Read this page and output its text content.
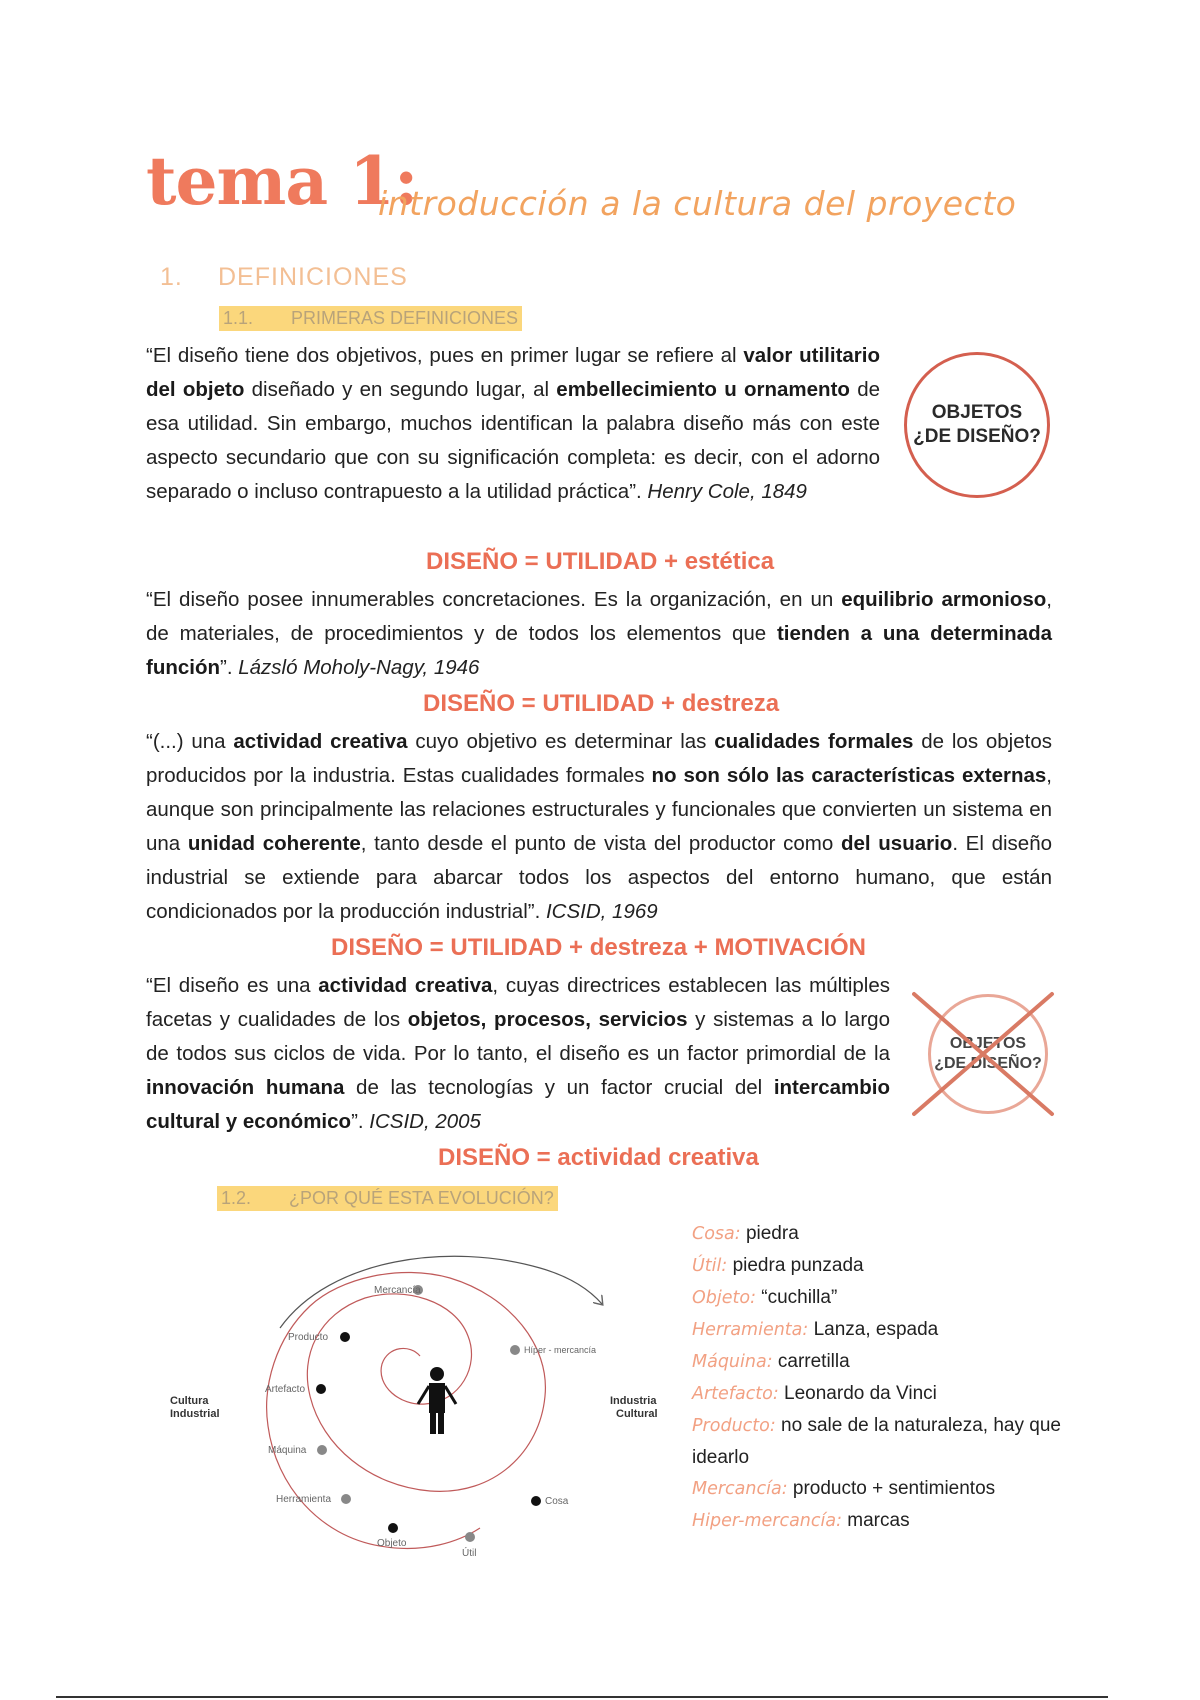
tema 1:
introducción a la cultura del proyecto
1. DEFINICIONES
1.1. PRIMERAS DEFINICIONES
“El diseño tiene dos objetivos, pues en primer lugar se refiere al valor utilitario del objeto diseñado y en segundo lugar, al embellecimiento u ornamento de esa utilidad. Sin embargo, muchos identifican la palabra diseño más con este aspecto secundario que con su significación completa: es decir, con el adorno separado o incluso contrapuesto a la utilidad práctica”. Henry Cole, 1849
OBJETOS
¿DE DISEÑO?
DISEÑO = UTILIDAD + estética
“El diseño posee innumerables concretaciones. Es la organización, en un equilibrio armonioso, de materiales, de procedimientos y de todos los elementos que tienden a una determinada función”. Lázsló Moholy-Nagy, 1946
DISEÑO = UTILIDAD + destreza
“(...) una actividad creativa cuyo objetivo es determinar las cualidades formales de los objetos producidos por la industria. Estas cualidades formales no son sólo las características externas, aunque son principalmente las relaciones estructurales y funcionales que convierten un sistema en una unidad coherente, tanto desde el punto de vista del productor como del usuario. El diseño industrial se extiende para abarcar todos los aspectos del entorno humano, que están condicionados por la producción industrial”. ICSID, 1969
DISEÑO = UTILIDAD + destreza + MOTIVACIÓN
“El diseño es una actividad creativa, cuyas directrices establecen las múltiples facetas y cualidades de los objetos, procesos, servicios y sistemas a lo largo de todos sus ciclos de vida. Por lo tanto, el diseño es un factor primordial de la innovación humana de las tecnologías y un factor crucial del intercambio cultural y económico”. ICSID, 2005
OBJETOS
¿DE DISEÑO?
DISEÑO = actividad creativa
1.2. ¿POR QUÉ ESTA EVOLUCIÓN?
Mercancía
Producto
Artefacto
Máquina
Herramienta
Objeto
Útil
Cosa
Híper - mercancía
Cultura
Industrial
Industria
Cultural
Cosa: piedra
Útil: piedra punzada
Objeto: “cuchilla”
Herramienta: Lanza, espada
Máquina: carretilla
Artefacto: Leonardo da Vinci
Producto: no sale de la naturaleza, hay que idearlo
Mercancía: producto + sentimientos
Hiper-mercancía: marcas
